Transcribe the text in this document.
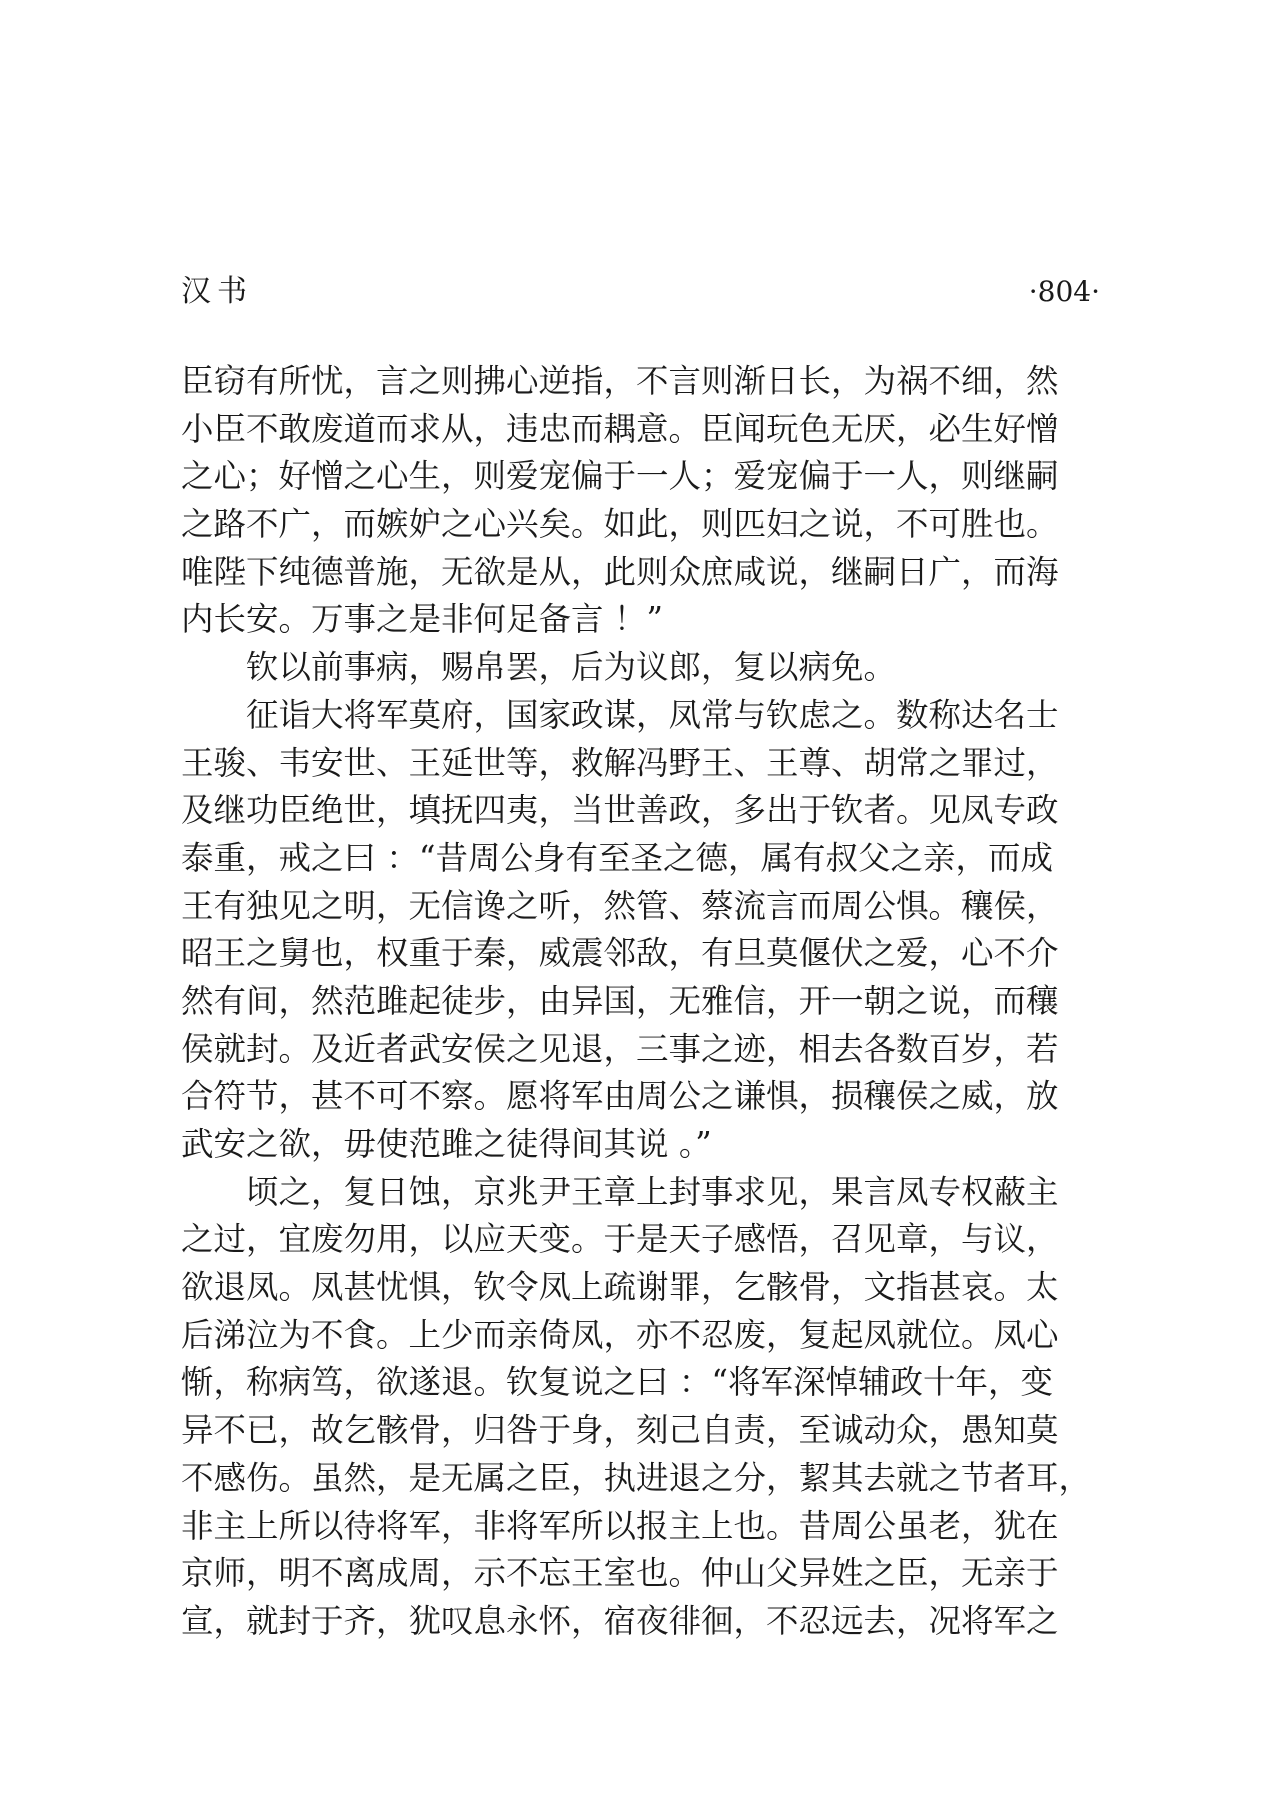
汉书	·804·
臣窃有所忧，言之则拂心逆指，不言则渐日长，为祸不细，然
小臣不敢废道而求从，违忠而耦意。臣闻玩色无厌，必生好憎
之心；好憎之心生，则爱宠偏于一人；爱宠偏于一人，则继嗣
之路不广，而嫉妒之心兴矣。如此，则匹妇之说，不可胜也。
唯陛下纯德普施，无欲是从，此则众庶咸说，继嗣日广，而海
内长安。万事之是非何足备言 ！”
钦以前事病，赐帛罢，后为议郎，复以病免。
征诣大将军莫府，国家政谋，凤常与钦虑之。数称达名士
王骏、韦安世、王延世等，救解冯野王、王尊、胡常之罪过，
及继功臣绝世，填抚四夷，当世善政，多出于钦者。见凤专政
泰重，戒之曰 ：“昔周公身有至圣之德，属有叔父之亲，而成
王有独见之明，无信谗之听，然管、蔡流言而周公惧。穰侯，
昭王之舅也，权重于秦，威震邻敌，有旦莫偃伏之爱，心不介
然有间，然范雎起徒步，由异国，无雅信，开一朝之说，而穰
侯就封。及近者武安侯之见退，三事之迹，相去各数百岁，若
合符节，甚不可不察。愿将军由周公之谦惧，损穰侯之威，放
武安之欲，毋使范雎之徒得间其说 。”
顷之，复日蚀，京兆尹王章上封事求见，果言凤专权蔽主
之过，宜废勿用，以应天变。于是天子感悟，召见章，与议，
欲退凤。凤甚忧惧，钦令凤上疏谢罪，乞骸骨，文指甚哀。太
后涕泣为不食。上少而亲倚凤，亦不忍废，复起凤就位。凤心
惭，称病笃，欲遂退。钦复说之曰 ：“将军深悼辅政十年，变
异不已，故乞骸骨，归咎于身，刻己自责，至诚动众，愚知莫
不感伤。虽然，是无属之臣，执进退之分，絜其去就之节者耳，
非主上所以待将军，非将军所以报主上也。昔周公虽老，犹在
京师，明不离成周，示不忘王室也。仲山父异姓之臣，无亲于
宣，就封于齐，犹叹息永怀，宿夜徘徊，不忍远去，况将军之
